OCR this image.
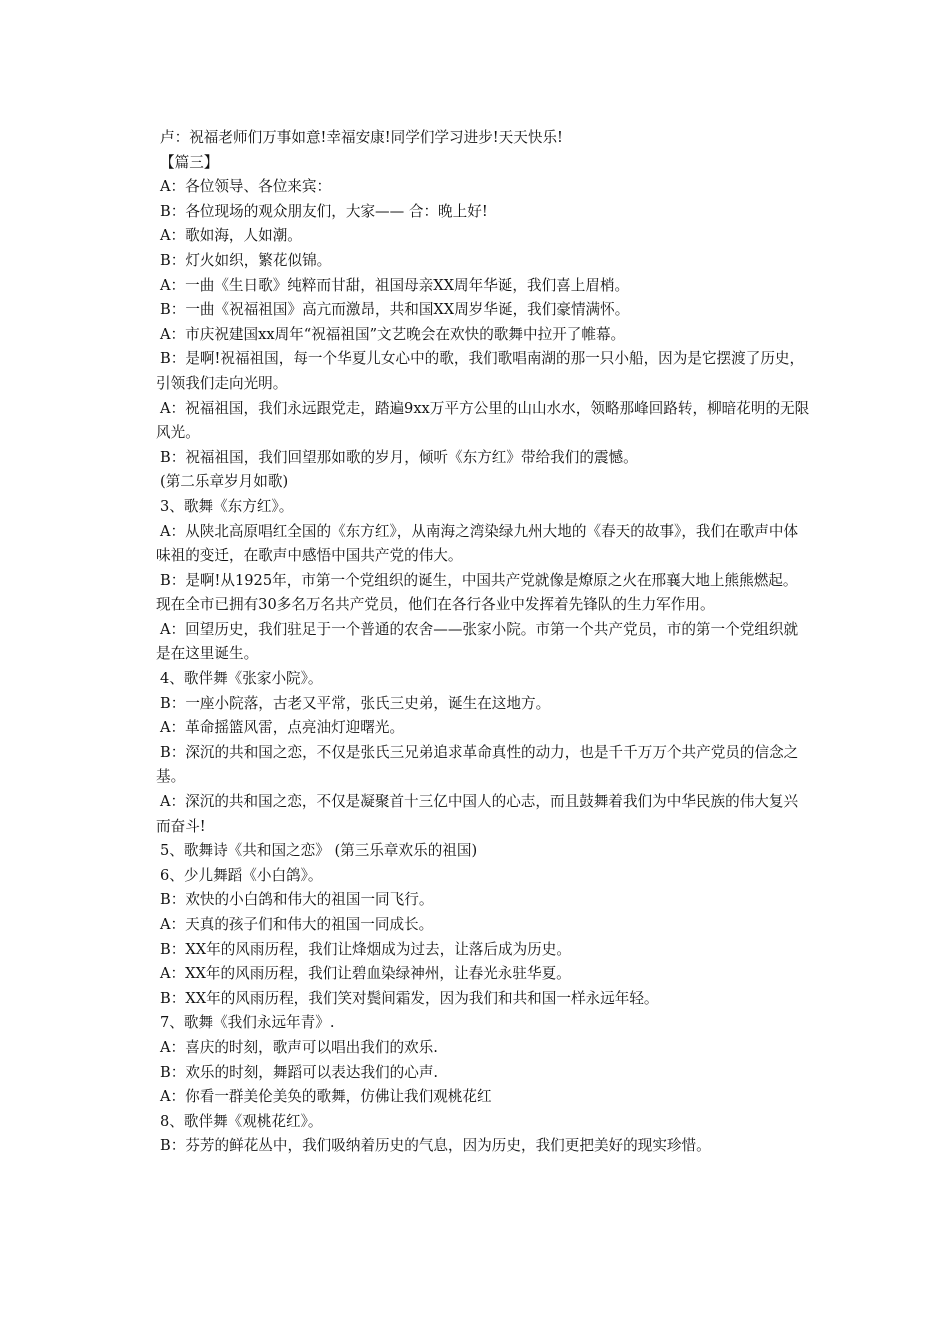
卢：祝福老师们万事如意!幸福安康!同学们学习进步!天天快乐!

【篇三】

A：各位领导、各位来宾：

B：各位现场的观众朋友们，大家—— 合：晚上好!

A：歌如海，人如潮。

B：灯火如织，繁花似锦。

A：一曲《生日歌》纯粹而甘甜，祖国母亲XX周年华诞，我们喜上眉梢。

B：一曲《祝福祖国》高亢而激昂，共和国XX周岁华诞，我们豪情满怀。

A：市庆祝建国xx周年“祝福祖国”文艺晚会在欢快的歌舞中拉开了帷幕。

B：是啊!祝福祖国，每一个华夏儿女心中的歌，我们歌唱南湖的那一只小船，因为是它摆渡了历史，引领我们走向光明。

A：祝福祖国，我们永远跟党走，踏遍9xx万平方公里的山山水水，领略那峰回路转，柳暗花明的无限风光。

B：祝福祖国，我们回望那如歌的岁月，倾听《东方红》带给我们的震憾。

(第二乐章岁月如歌)

3、歌舞《东方红》。

A：从陕北高原唱红全国的《东方红》，从南海之湾染绿九州大地的《春天的故事》，我们在歌声中体味祖的变迁，在歌声中感悟中国共产党的伟大。

B：是啊!从1925年，市第一个党组织的诞生，中国共产党就像是燎原之火在邢襄大地上熊熊燃起。现在全市已拥有30多名万名共产党员，他们在各行各业中发挥着先锋队的生力军作用。

A：回望历史，我们驻足于一个普通的农舍——张家小院。市第一个共产党员，市的第一个党组织就是在这里诞生。

4、歌伴舞《张家小院》。

B：一座小院落，古老又平常，张氏三史弟，诞生在这地方。

A：革命摇篮风雷，点亮油灯迎曙光。

B：深沉的共和国之恋，不仅是张氏三兄弟追求革命真性的动力，也是千千万万个共产党员的信念之基。

A：深沉的共和国之恋，不仅是凝聚首十三亿中国人的心志，而且鼓舞着我们为中华民族的伟大复兴而奋斗!

5、歌舞诗《共和国之恋》 (第三乐章欢乐的祖国)

6、少儿舞蹈《小白鸽》。

B：欢快的小白鸽和伟大的祖国一同飞行。

A：天真的孩子们和伟大的祖国一同成长。

B：XX年的风雨历程，我们让烽烟成为过去，让落后成为历史。

A：XX年的风雨历程，我们让碧血染绿神州，让春光永驻华夏。

B：XX年的风雨历程，我们笑对鬓间霜发，因为我们和共和国一样永远年轻。

7、歌舞《我们永远年青》.

A：喜庆的时刻，歌声可以唱出我们的欢乐.

B：欢乐的时刻，舞蹈可以表达我们的心声.

A：你看一群美伦美奂的歌舞，仿佛让我们观桃花红

8、歌伴舞《观桃花红》。

B：芬芳的鲜花丛中，我们吸纳着历史的气息，因为历史，我们更把美好的现实珍惜。
